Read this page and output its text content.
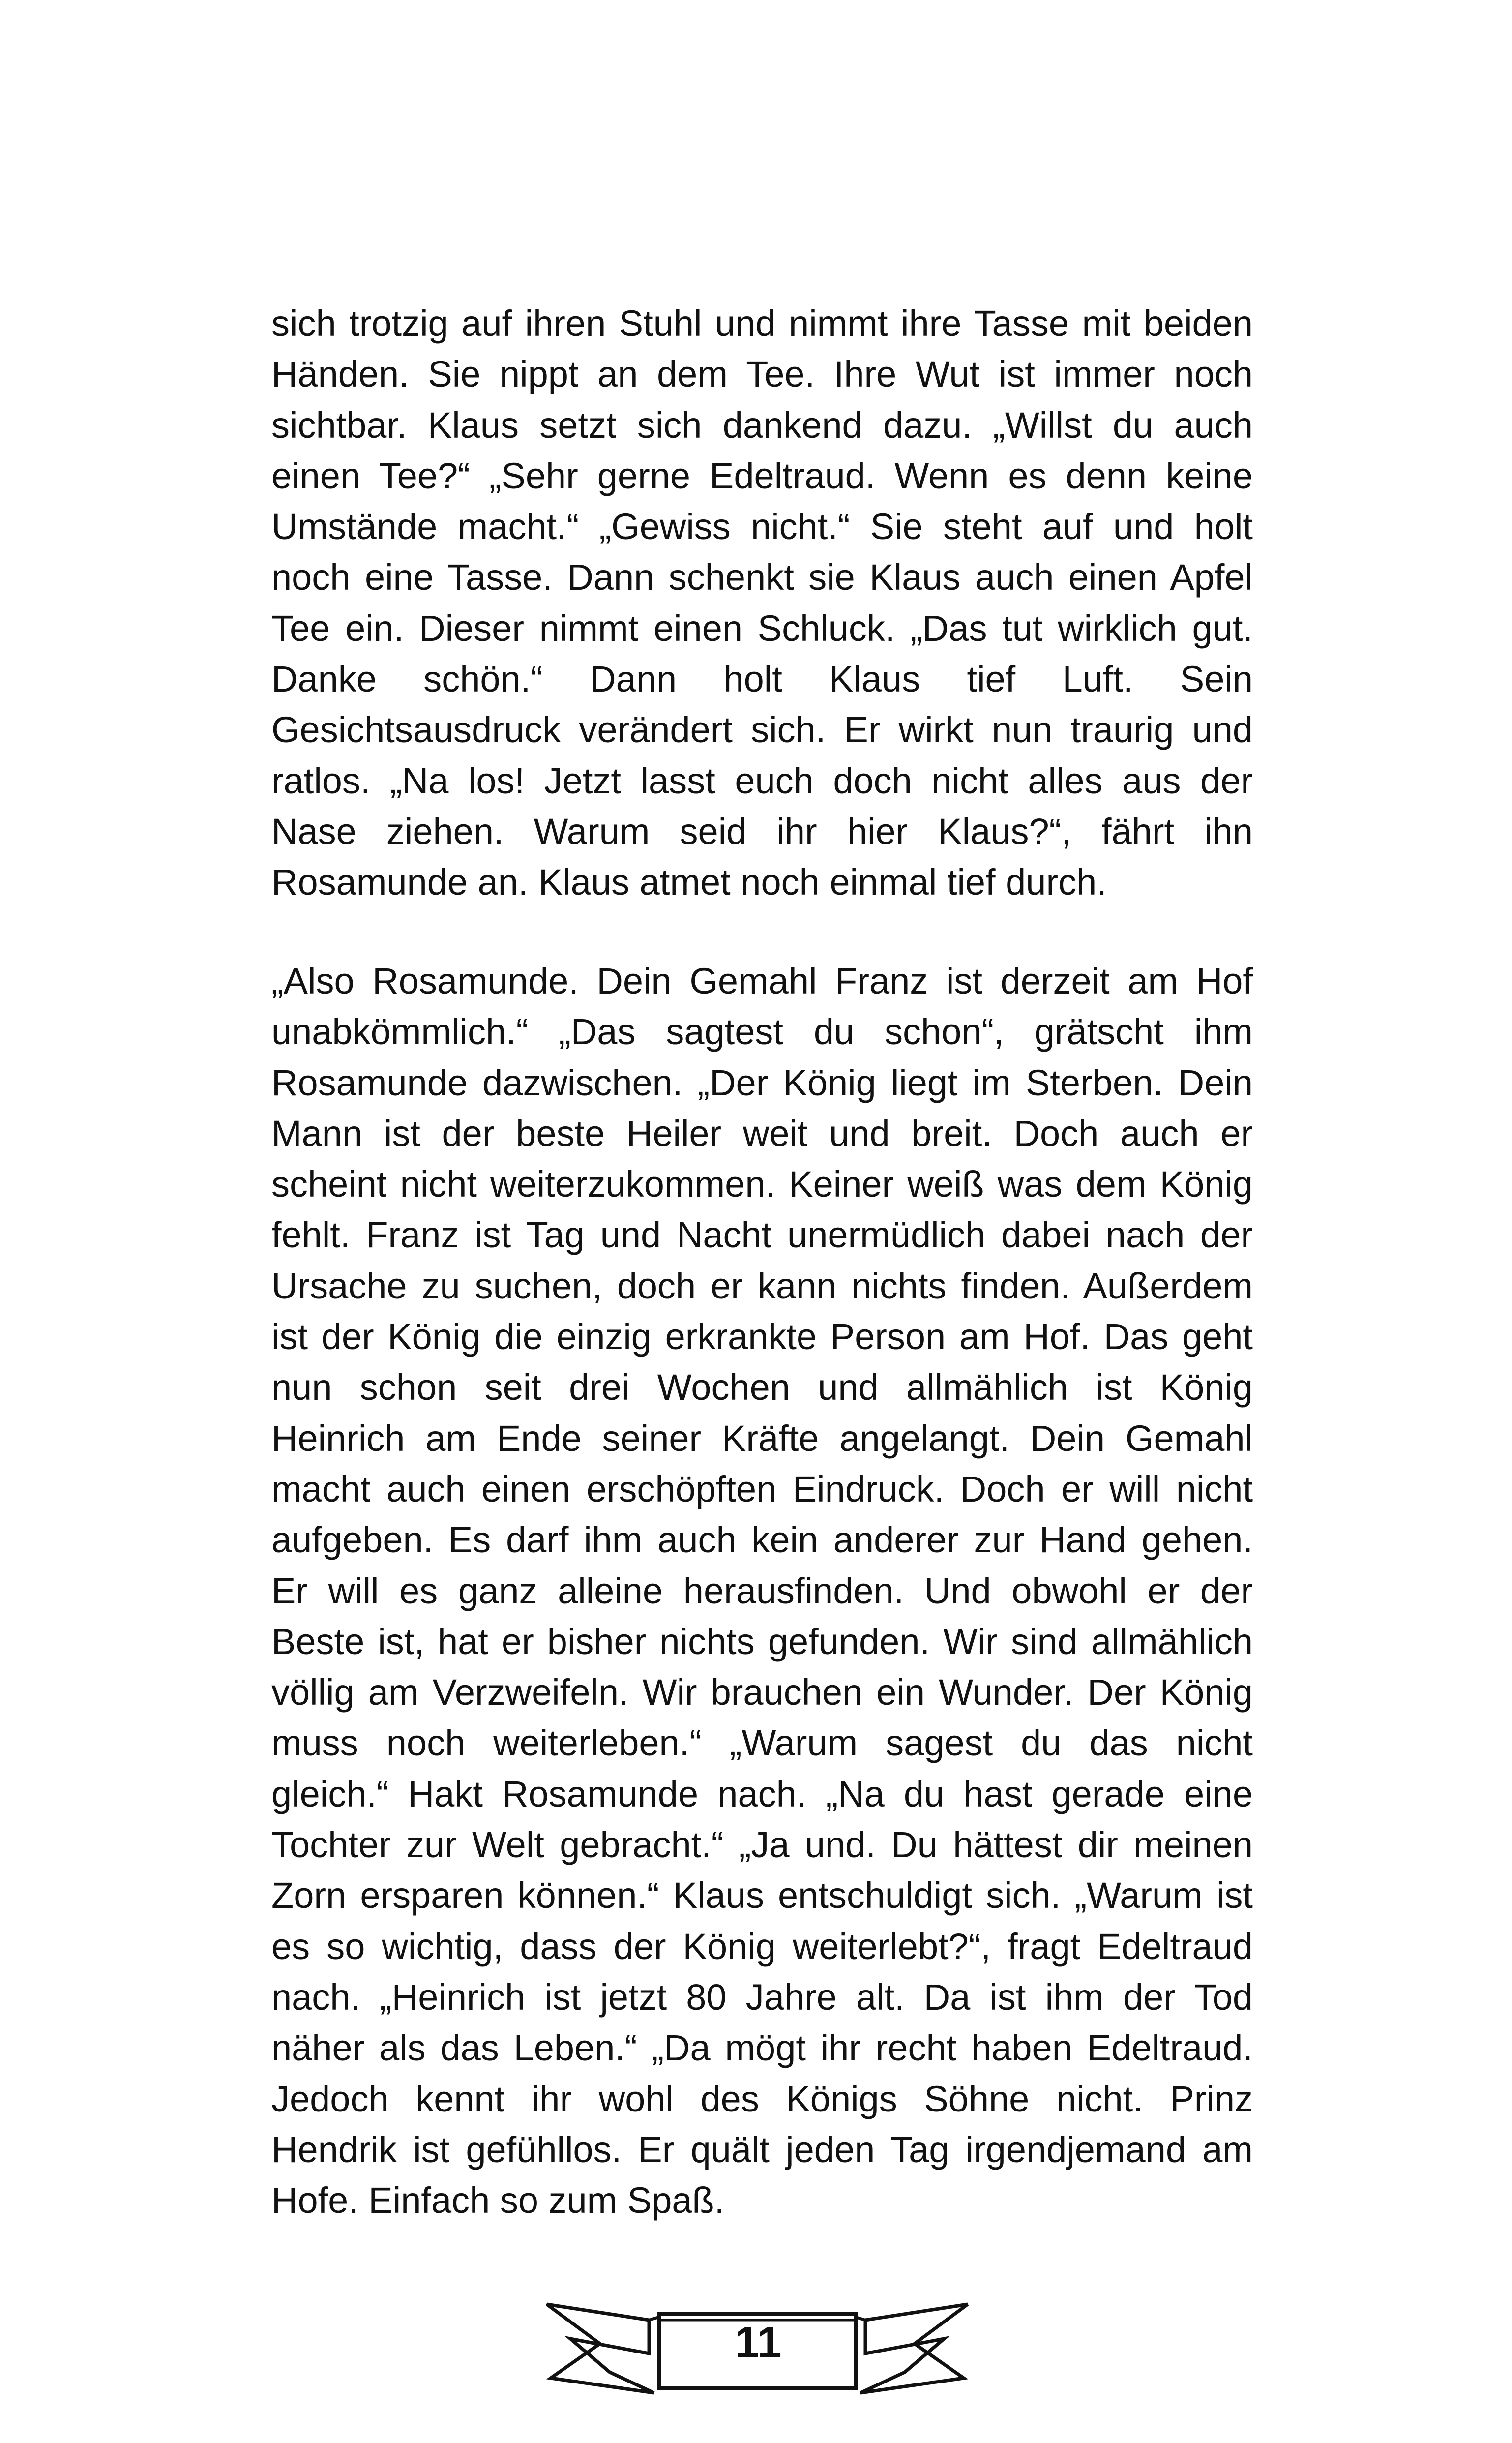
sich trotzig auf ihren Stuhl und nimmt ihre Tasse mit beiden Händen. Sie nippt an dem Tee. Ihre Wut ist immer noch sichtbar. Klaus setzt sich dankend dazu. „Willst du auch einen Tee?“ „Sehr gerne Edeltraud. Wenn es denn keine Umstände macht.“ „Gewiss nicht.“ Sie steht auf und holt noch eine Tasse. Dann schenkt sie Klaus auch einen Apfel Tee ein. Dieser nimmt einen Schluck. „Das tut wirklich gut. Danke schön.“ Dann holt Klaus tief Luft. Sein Gesichtsausdruck verändert sich. Er wirkt nun traurig und ratlos. „Na los! Jetzt lasst euch doch nicht alles aus der Nase ziehen. Warum seid ihr hier Klaus?“, fährt ihn Rosamunde an. Klaus atmet noch einmal tief durch.

„Also Rosamunde. Dein Gemahl Franz ist derzeit am Hof unabkömmlich.“ „Das sagtest du schon“, grätscht ihm Rosamunde dazwischen. „Der König liegt im Sterben. Dein Mann ist der beste Heiler weit und breit. Doch auch er scheint nicht weiterzukommen. Keiner weiß was dem König fehlt. Franz ist Tag und Nacht unermüdlich dabei nach der Ursache zu suchen, doch er kann nichts finden. Außerdem ist der König die einzig erkrankte Person am Hof. Das geht nun schon seit drei Wochen und allmählich ist König Heinrich am Ende seiner Kräfte angelangt. Dein Gemahl macht auch einen erschöpften Eindruck. Doch er will nicht aufgeben. Es darf ihm auch kein anderer zur Hand gehen. Er will es ganz alleine herausfinden. Und obwohl er der Beste ist, hat er bisher nichts gefunden. Wir sind allmählich völlig am Verzweifeln. Wir brauchen ein Wunder. Der König muss noch weiterleben.“ „Warum sagest du das nicht gleich.“ Hakt Rosamunde nach. „Na du hast gerade eine Tochter zur Welt gebracht.“ „Ja und. Du hättest dir meinen Zorn ersparen können.“ Klaus entschuldigt sich. „Warum ist es so wichtig, dass der König weiterlebt?“, fragt Edeltraud nach. „Heinrich ist jetzt 80 Jahre alt. Da ist ihm der Tod näher als das Leben.“ „Da mögt ihr recht haben Edeltraud. Jedoch kennt ihr wohl des Königs Söhne nicht. Prinz Hendrik ist gefühllos. Er quält jeden Tag irgendjemand am Hofe. Einfach so zum Spaß.

11
